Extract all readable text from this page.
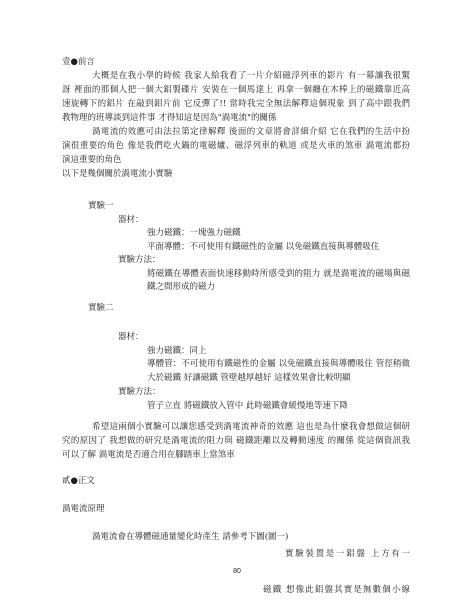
壹●前言
大概是在我小學的時候 我家人給我看了一片介紹磁浮列車的影片 有一幕讓我很驚
訝 裡面的那個人把一個大鋁製碟片 安裝在一個馬達上 再拿一個纏在木棒上的磁鐵靠近高
速旋轉下的鋁片 在敲到鋁片前 它反彈了!! 當時我完全無法解釋這個現象 到了高中跟我們
教物理的班導談到這件事 才得知這是因為"渦電流"的關係
渦電流的效應可由法拉第定律解釋 後面的文章將會詳細介紹 它在我們的生活中扮
演很重要的角色 像是我們吃火鍋的電磁爐、磁浮列車的軌道 或是火車的煞車 渦電流都扮
演這重要的角色
以下是幾個關於渦電流小實驗
實驗一
器材：
強力磁鐵：一塊強力磁鐵
平面導體：不可使用有鐵磁性的金屬 以免磁鐵直接與導體吸住
實驗方法：
將磁鐵在導體表面快速移動時所感受到的阻力 就是渦電流的磁場與磁
鐵之間形成的磁力
實驗二
器材：
強力磁鐵：同上
導體管：不可使用有鐵磁性的金屬 以免磁鐵直接與導體吸住 管徑稍微
大於磁鐵 好讓磁鐵 管壁越厚越好 這樣效果會比較明顯
實驗方法：
管子立直 將磁鐵放入管中 此時磁鐵會緩慢地等速下降
希望這兩個小實驗可以讓您感受到渦電流神奇的效應 這也是為什麼我會想做這個研
究的原因了 我想做的研究是渦電流的阻力與 磁鐵距離以及轉動速度 的關係 從這個資訊我
可以了解 渦電流是否適合用在腳踏車上當煞車
貳●正文
渦電流原理
渦電流會在導體磁通量變化時產生 請參考下圖(圖一)
實驗裝置是一鋁盤 上方有一
磁鐵 想像此鋁盤其實是無數個小線
80
